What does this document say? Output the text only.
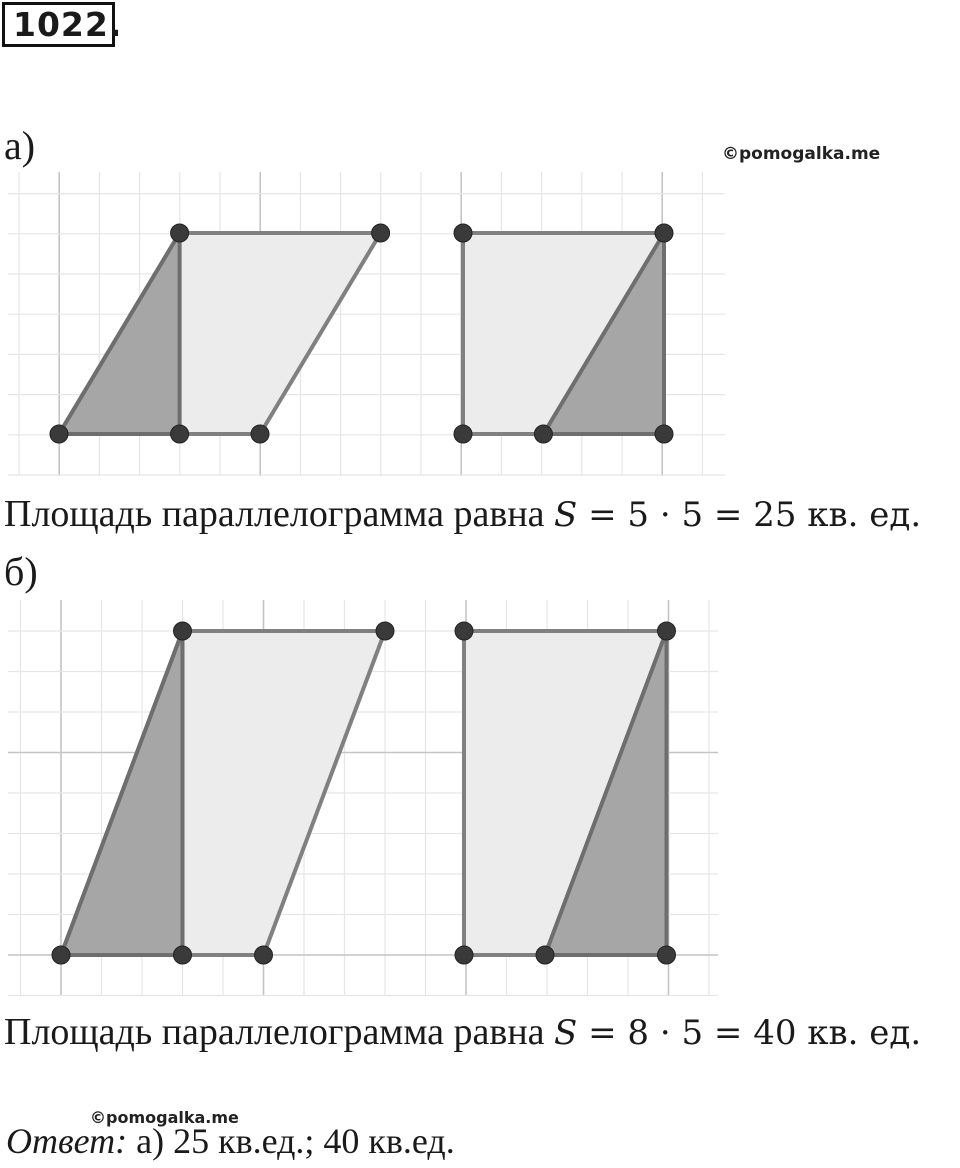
1022.
а)	©pomogalka.me
Площадь параллелограмма равна S = 5 · 5 = 25 кв. ед.
б)
Площадь параллелограмма равна S = 8 · 5 = 40 кв. ед.
©pomogalka.me
Ответ: а) 25 кв.ед.; 40 кв.ед.
